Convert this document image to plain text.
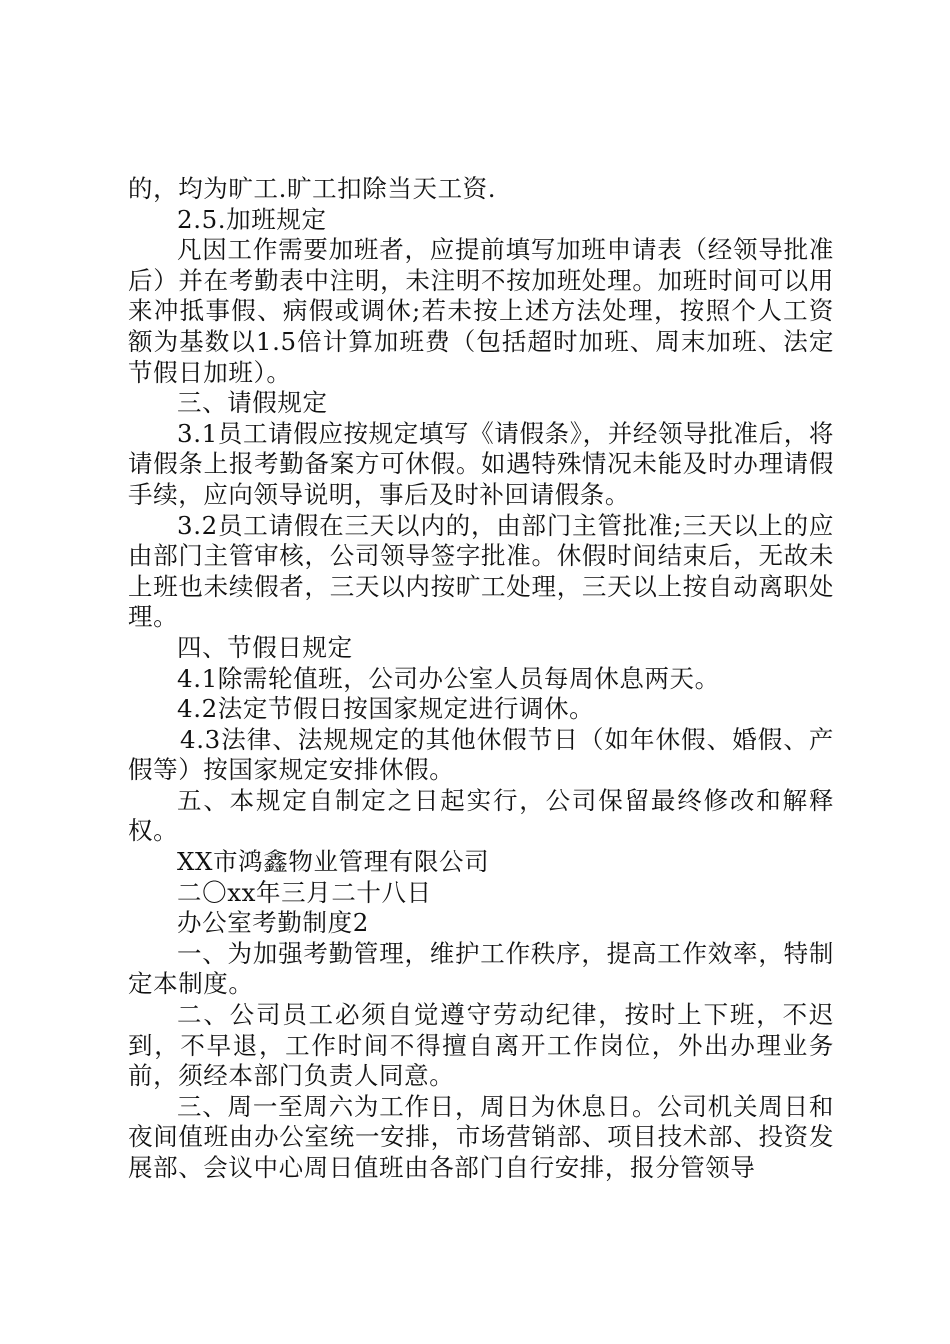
的，均为旷工.旷工扣除当天工资.

2.5.加班规定

凡因工作需要加班者，应提前填写加班申请表（经领导批准后）并在考勤表中注明，未注明不按加班处理。加班时间可以用来冲抵事假、病假或调休;若未按上述方法处理，按照个人工资额为基数以1.5倍计算加班费（包括超时加班、周末加班、法定节假日加班）。

三、请假规定

3.1员工请假应按规定填写《请假条》，并经领导批准后，将请假条上报考勤备案方可休假。如遇特殊情况未能及时办理请假手续，应向领导说明，事后及时补回请假条。

3.2员工请假在三天以内的，由部门主管批准;三天以上的应由部门主管审核，公司领导签字批准。休假时间结束后，无故未上班也未续假者，三天以内按旷工处理，三天以上按自动离职处理。

四、节假日规定

4.1除需轮值班，公司办公室人员每周休息两天。

4.2法定节假日按国家规定进行调休。

4.3法律、法规规定的其他休假节日（如年休假、婚假、产假等）按国家规定安排休假。

五、本规定自制定之日起实行，公司保留最终修改和解释权。

XX市鸿鑫物业管理有限公司

二〇xx年三月二十八日

办公室考勤制度2

一、为加强考勤管理，维护工作秩序，提高工作效率，特制定本制度。

二、公司员工必须自觉遵守劳动纪律，按时上下班，不迟到，不早退，工作时间不得擅自离开工作岗位，外出办理业务前，须经本部门负责人同意。

三、周一至周六为工作日，周日为休息日。公司机关周日和夜间值班由办公室统一安排，市场营销部、项目技术部、投资发展部、会议中心周日值班由各部门自行安排，报分管领导
